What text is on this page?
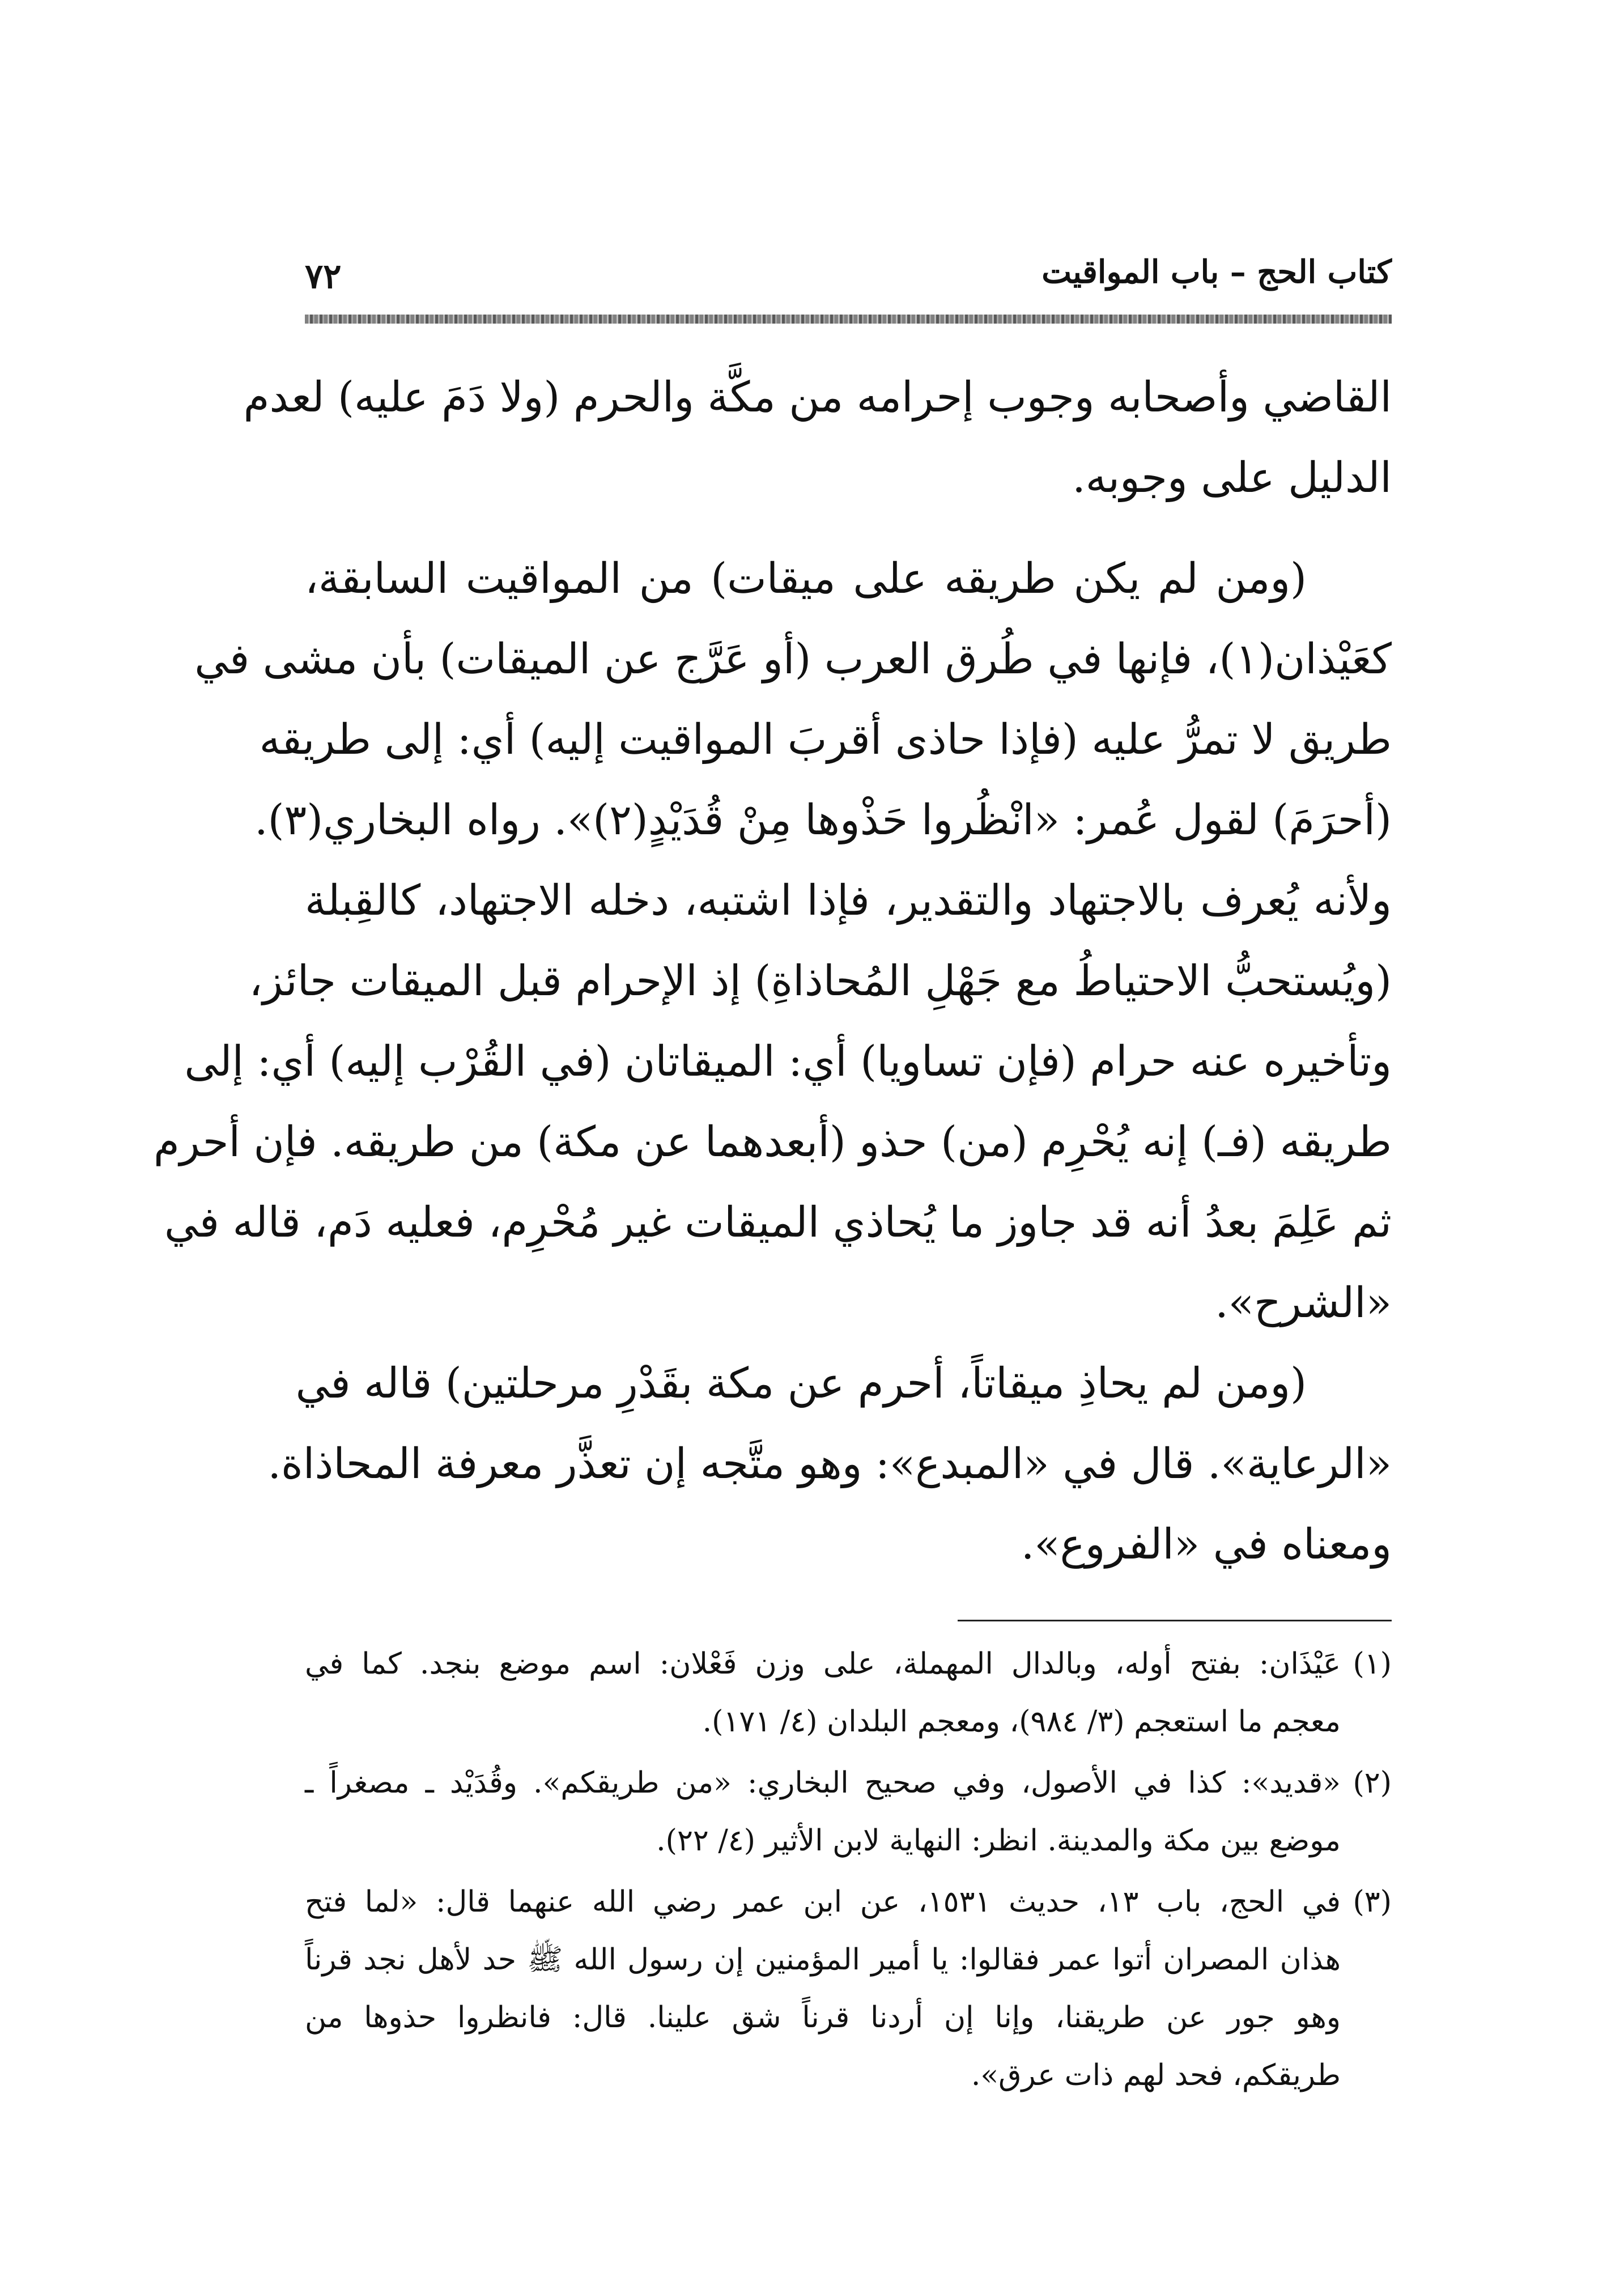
كتاب الحج – باب المواقيت
٧٢
القاضي وأصحابه وجوب إحرامه من مكَّة والحرم (ولا دَمَ عليه) لعدم
الدليل على وجوبه.
(ومن لم يكن طريقه على ميقات) من المواقيت السابقة،
كعَيْذان(١)، فإنها في طُرق العرب (أو عَرَّج عن الميقات) بأن مشى في
طريق لا تمرُّ عليه (فإذا حاذى أقربَ المواقيت إليه) أي: إلى طريقه
(أحرَمَ) لقول عُمر: «انْظُروا حَذْوها مِنْ قُدَيْدٍ(٢)». رواه البخاري(٣).
ولأنه يُعرف بالاجتهاد والتقدير، فإذا اشتبه، دخله الاجتهاد، كالقِبلة
(ويُستحبُّ الاحتياطُ مع جَهْلِ المُحاذاةِ) إذ الإحرام قبل الميقات جائز،
وتأخيره عنه حرام (فإن تساويا) أي: الميقاتان (في القُرْب إليه) أي: إلى
طريقه (فـ) إنه يُحْرِم (من) حذو (أبعدهما عن مكة) من طريقه. فإن أحرم
ثم عَلِمَ بعدُ أنه قد جاوز ما يُحاذي الميقات غير مُحْرِم، فعليه دَم، قاله في
«الشرح».
(ومن لم يحاذِ ميقاتاً، أحرم عن مكة بقَدْرِ مرحلتين) قاله في
«الرعاية». قال في «المبدع»: وهو متَّجه إن تعذَّر معرفة المحاذاة.
ومعناه في «الفروع».
(١)
عَيْذَان: بفتح أوله، وبالدال المهملة، على وزن فَعْلان: اسم موضع بنجد. كما في
معجم ما استعجم (٣/ ٩٨٤)، ومعجم البلدان (٤/ ١٧١).
(٢)
«قديد»: كذا في الأصول، وفي صحيح البخاري: «من طريقكم». وقُدَيْد ـ مصغراً ـ
موضع بين مكة والمدينة. انظر: النهاية لابن الأثير (٤/ ٢٢).
(٣)
في الحج، باب ١٣، حديث ١٥٣١، عن ابن عمر رضي الله عنهما قال: «لما فتح
هذان المصران أتوا عمر فقالوا: يا أمير المؤمنين إن رسول الله ﷺ حد لأهل نجد قرناً
وهو جور عن طريقنا، وإنا إن أردنا قرناً شق علينا. قال: فانظروا حذوها من
طريقكم، فحد لهم ذات عرق».
